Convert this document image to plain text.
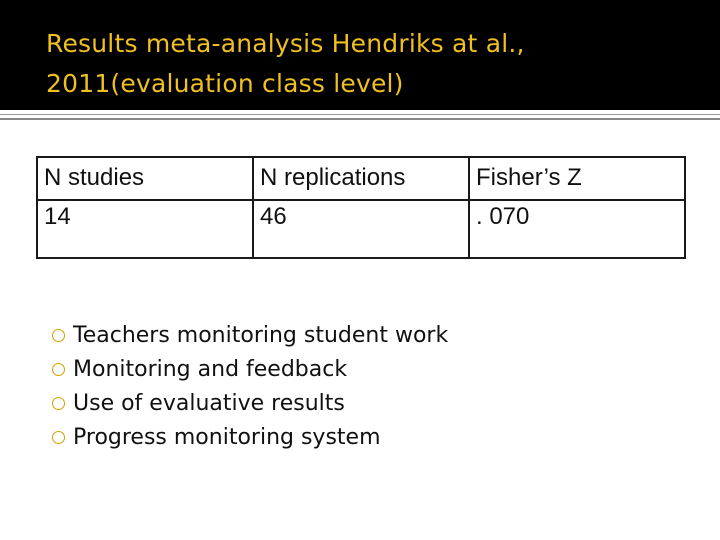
Results meta-analysis Hendriks at al., 2011(evaluation class level)
N studies
14
N replications
46
Fisher’s Z
. 070
Teachers monitoring student work
Monitoring and feedback
Use of evaluative results
Progress monitoring system
